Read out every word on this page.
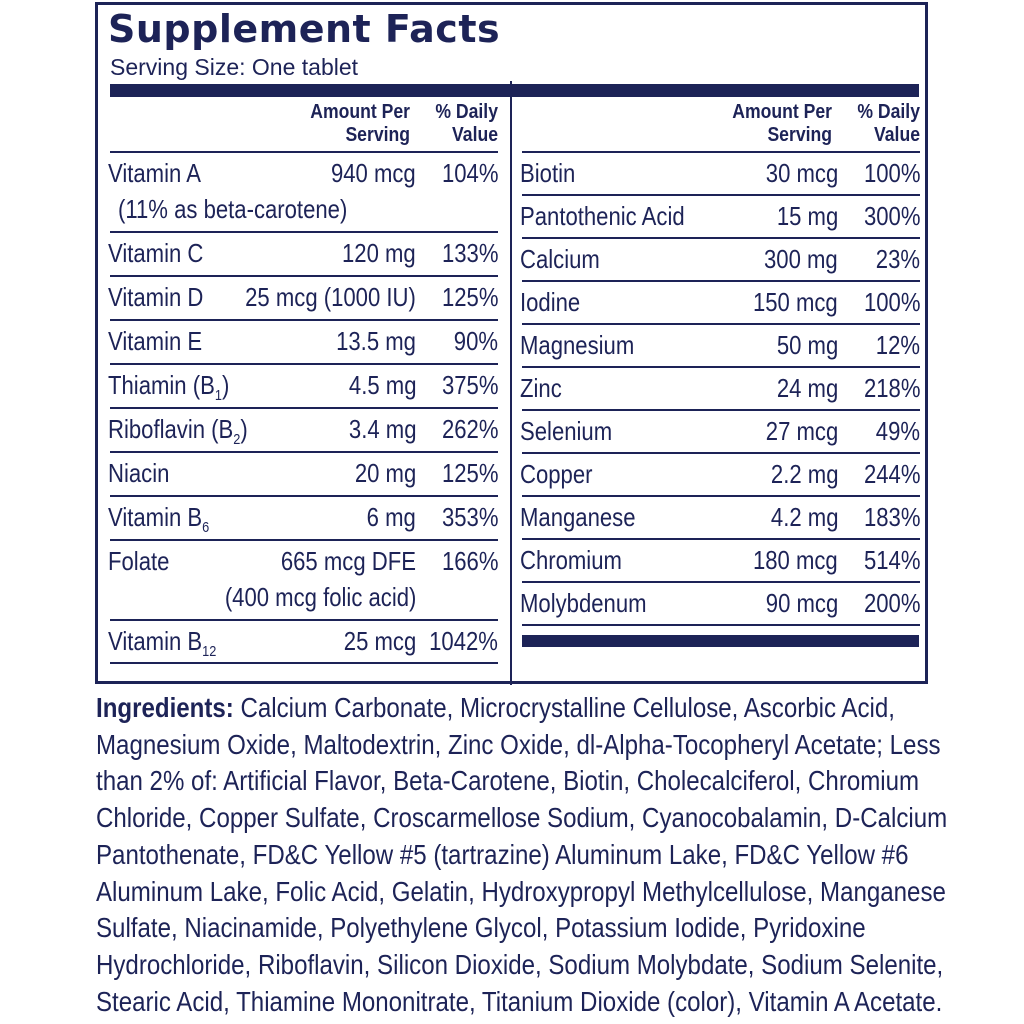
Supplement Facts
Serving Size: One tablet
Amount Per
Serving
% Daily
Value
Vitamin A	940 mcg 104%
(11% as beta-carotene)
Vitamin C	120 mg 133%
Vitamin D 25 mcg (1000 IU) 125%
Vitamin E	13.5 mg 90%
Thiamin $(B_1)$	4.5 mg 375%
Riboflavin $(B_2)$	3.4 mg 262%
Niacin	20 mg 125%
Vitamin $B_6$	6 mg 353%
Folate	665 mcg DFE 166%
(400 mcg folic acid)
Vitamin $B_{12}$	25 mcg 1042%
Amount Per
Serving
% Daily
Value
Biotin	30 mcg 100%
Pantothenic Acid	15 mg 300%
Calcium	300 mg 23%
Iodine	150 mcg 100%
Magnesium	50 mg 12%
Zinc	24 mg 218%
Selenium	27 mcg 49%
Copper	2.2 mg 244%
Manganese	4.2 mg 183%
Chromium	180 mcg 514%
Molybdenum	90 mcg 200%
Ingredients: Calcium Carbonate, Microcrystalline Cellulose, Ascorbic Acid,
Magnesium Oxide, Maltodextrin, Zinc Oxide, dl-Alpha-Tocopheryl Acetate; Less
than 2% of: Artificial Flavor, Beta-Carotene, Biotin, Cholecalciferol, Chromium
Chloride, Copper Sulfate, Croscarmellose Sodium, Cyanocobalamin, D-Calcium
Pantothenate, FD&C Yellow #5 (tartrazine) Aluminum Lake, FD&C Yellow #6
Aluminum Lake, Folic Acid, Gelatin, Hydroxypropyl Methylcellulose, Manganese
Sulfate, Niacinamide, Polyethylene Glycol, Potassium Iodide, Pyridoxine
Hydrochloride, Riboflavin, Silicon Dioxide, Sodium Molybdate, Sodium Selenite,
Stearic Acid, Thiamine Mononitrate, Titanium Dioxide (color), Vitamin A Acetate.
